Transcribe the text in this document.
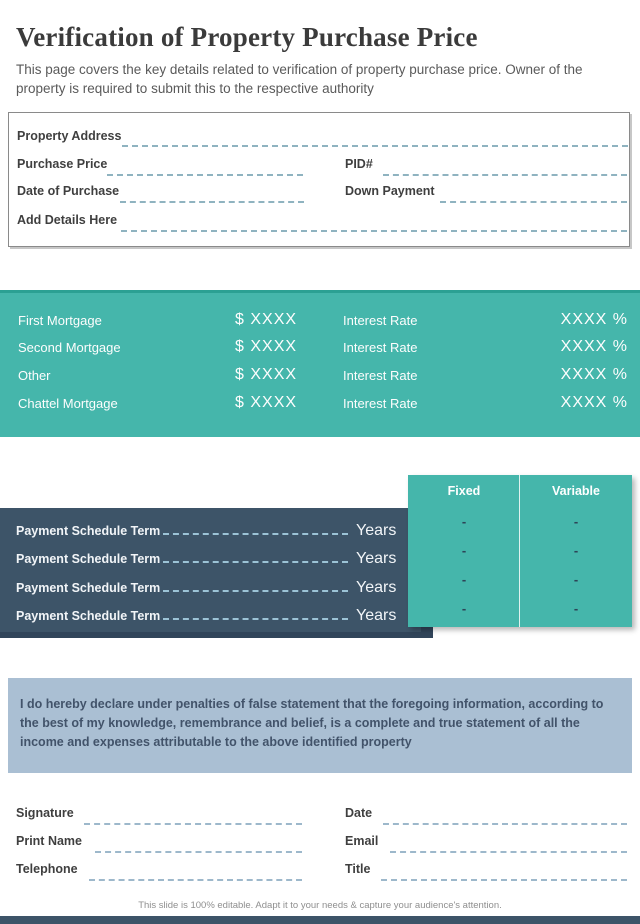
Verification of Property Purchase Price
This page covers the key details related to verification of property purchase price. Owner of the property is required to submit this to the respective authority
Property Address
Purchase Price	PID#
Date of Purchase	Down Payment
Add Details Here
First Mortgage	$ XXXX	Interest Rate	XXXX %
Second Mortgage	$ XXXX	Interest Rate	XXXX %
Other	$ XXXX	Interest Rate	XXXX %
Chattel Mortgage	$ XXXX	Interest Rate	XXXX %
Payment Schedule Term	Years
Payment Schedule Term	Years
Payment Schedule Term	Years
Payment Schedule Term	Years
Fixed	Variable
-	-
-	-
-	-
-	-
I do hereby declare under penalties of false statement that the foregoing information, according to the best of my knowledge, remembrance and belief, is a complete and true statement of all the income and expenses attributable to the above identified property
Signature	Date
Print Name	Email
Telephone	Title
This slide is 100% editable. Adapt it to your needs & capture your audience's attention.
